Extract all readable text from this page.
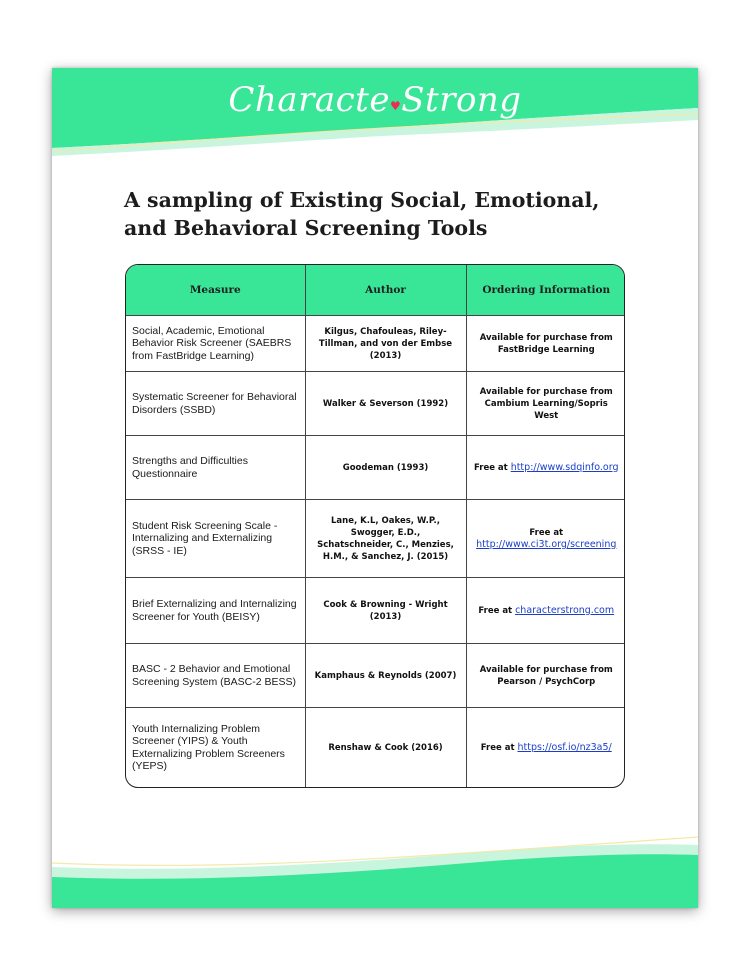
Characte♥Strong
A sampling of Existing Social, Emotional, and Behavioral Screening Tools
Measure	Author	Ordering Information
Social, Academic, Emotional Behavior Risk Screener (SAEBRS from FastBridge Learning)	Kilgus, Chafouleas, Riley-Tillman, and von der Embse (2013)	Available for purchase from FastBridge Learning
Systematic Screener for Behavioral Disorders (SSBD)	Walker & Severson (1992)	Available for purchase from Cambium Learning/Sopris West
Strengths and Difficulties Questionnaire	Goodeman (1993)	Free at http://www.sdqinfo.org
Student Risk Screening Scale - Internalizing and Externalizing (SRSS - IE)	Lane, K.L, Oakes, W.P., Swogger, E.D., Schatschneider, C., Menzies, H.M., & Sanchez, J. (2015)	Free at http://www.ci3t.org/screening
Brief Externalizing and Internalizing Screener for Youth (BEISY)	Cook & Browning - Wright (2013)	Free at characterstrong.com
BASC - 2 Behavior and Emotional Screening System (BASC-2 BESS)	Kamphaus & Reynolds (2007)	Available for purchase from Pearson / PsychCorp
Youth Internalizing Problem Screener (YIPS) & Youth Externalizing Problem Screeners (YEPS)	Renshaw & Cook (2016)	Free at https://osf.io/nz3a5/
